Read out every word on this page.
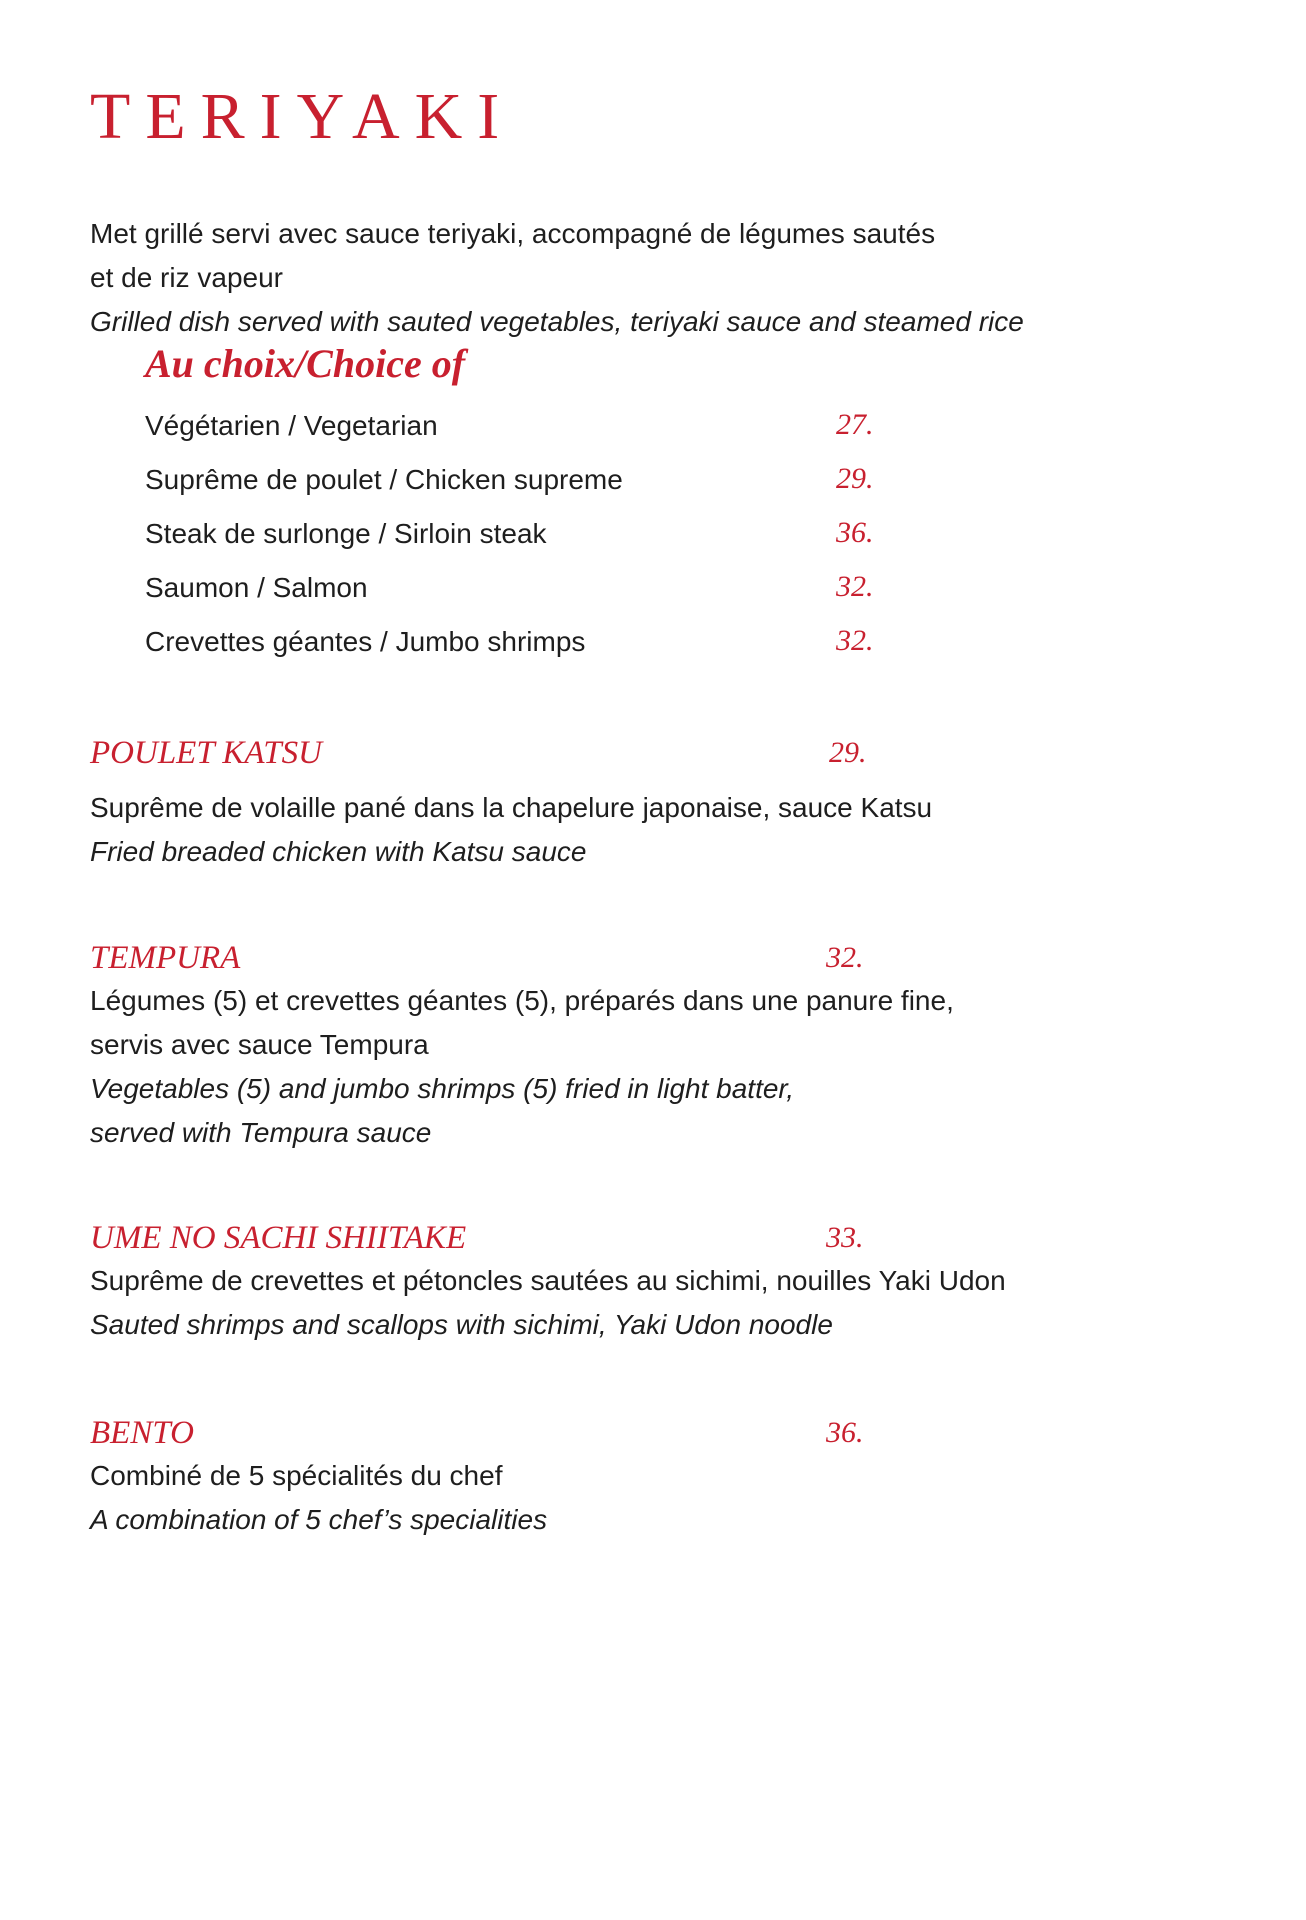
TERIYAKI

Met grillé servi avec sauce teriyaki, accompagné de légumes sautés

et de riz vapeur

Grilled dish served with sauted vegetables, teriyaki sauce and steamed rice

Au choix/Choice of
Végétarien / Vegetarian	27.
Suprême de poulet / Chicken supreme	29.
Steak de surlonge / Sirloin steak	36.
Saumon / Salmon	32.
Crevettes géantes / Jumbo shrimps	32.
POULET KATSU	29.

Suprême de volaille pané dans la chapelure japonaise, sauce Katsu

Fried breaded chicken with Katsu sauce

TEMPURA	32.

Légumes (5) et crevettes géantes (5), préparés dans une panure fine,

servis avec sauce Tempura

Vegetables (5) and jumbo shrimps (5) fried in light batter,

served with Tempura sauce

UME NO SACHI SHIITAKE	33.

Suprême de crevettes et pétoncles sautées au sichimi, nouilles Yaki Udon

Sauted shrimps and scallops with sichimi, Yaki Udon noodle

BENTO	36.

Combiné de 5 spécialités du chef

A combination of 5 chef’s specialities
